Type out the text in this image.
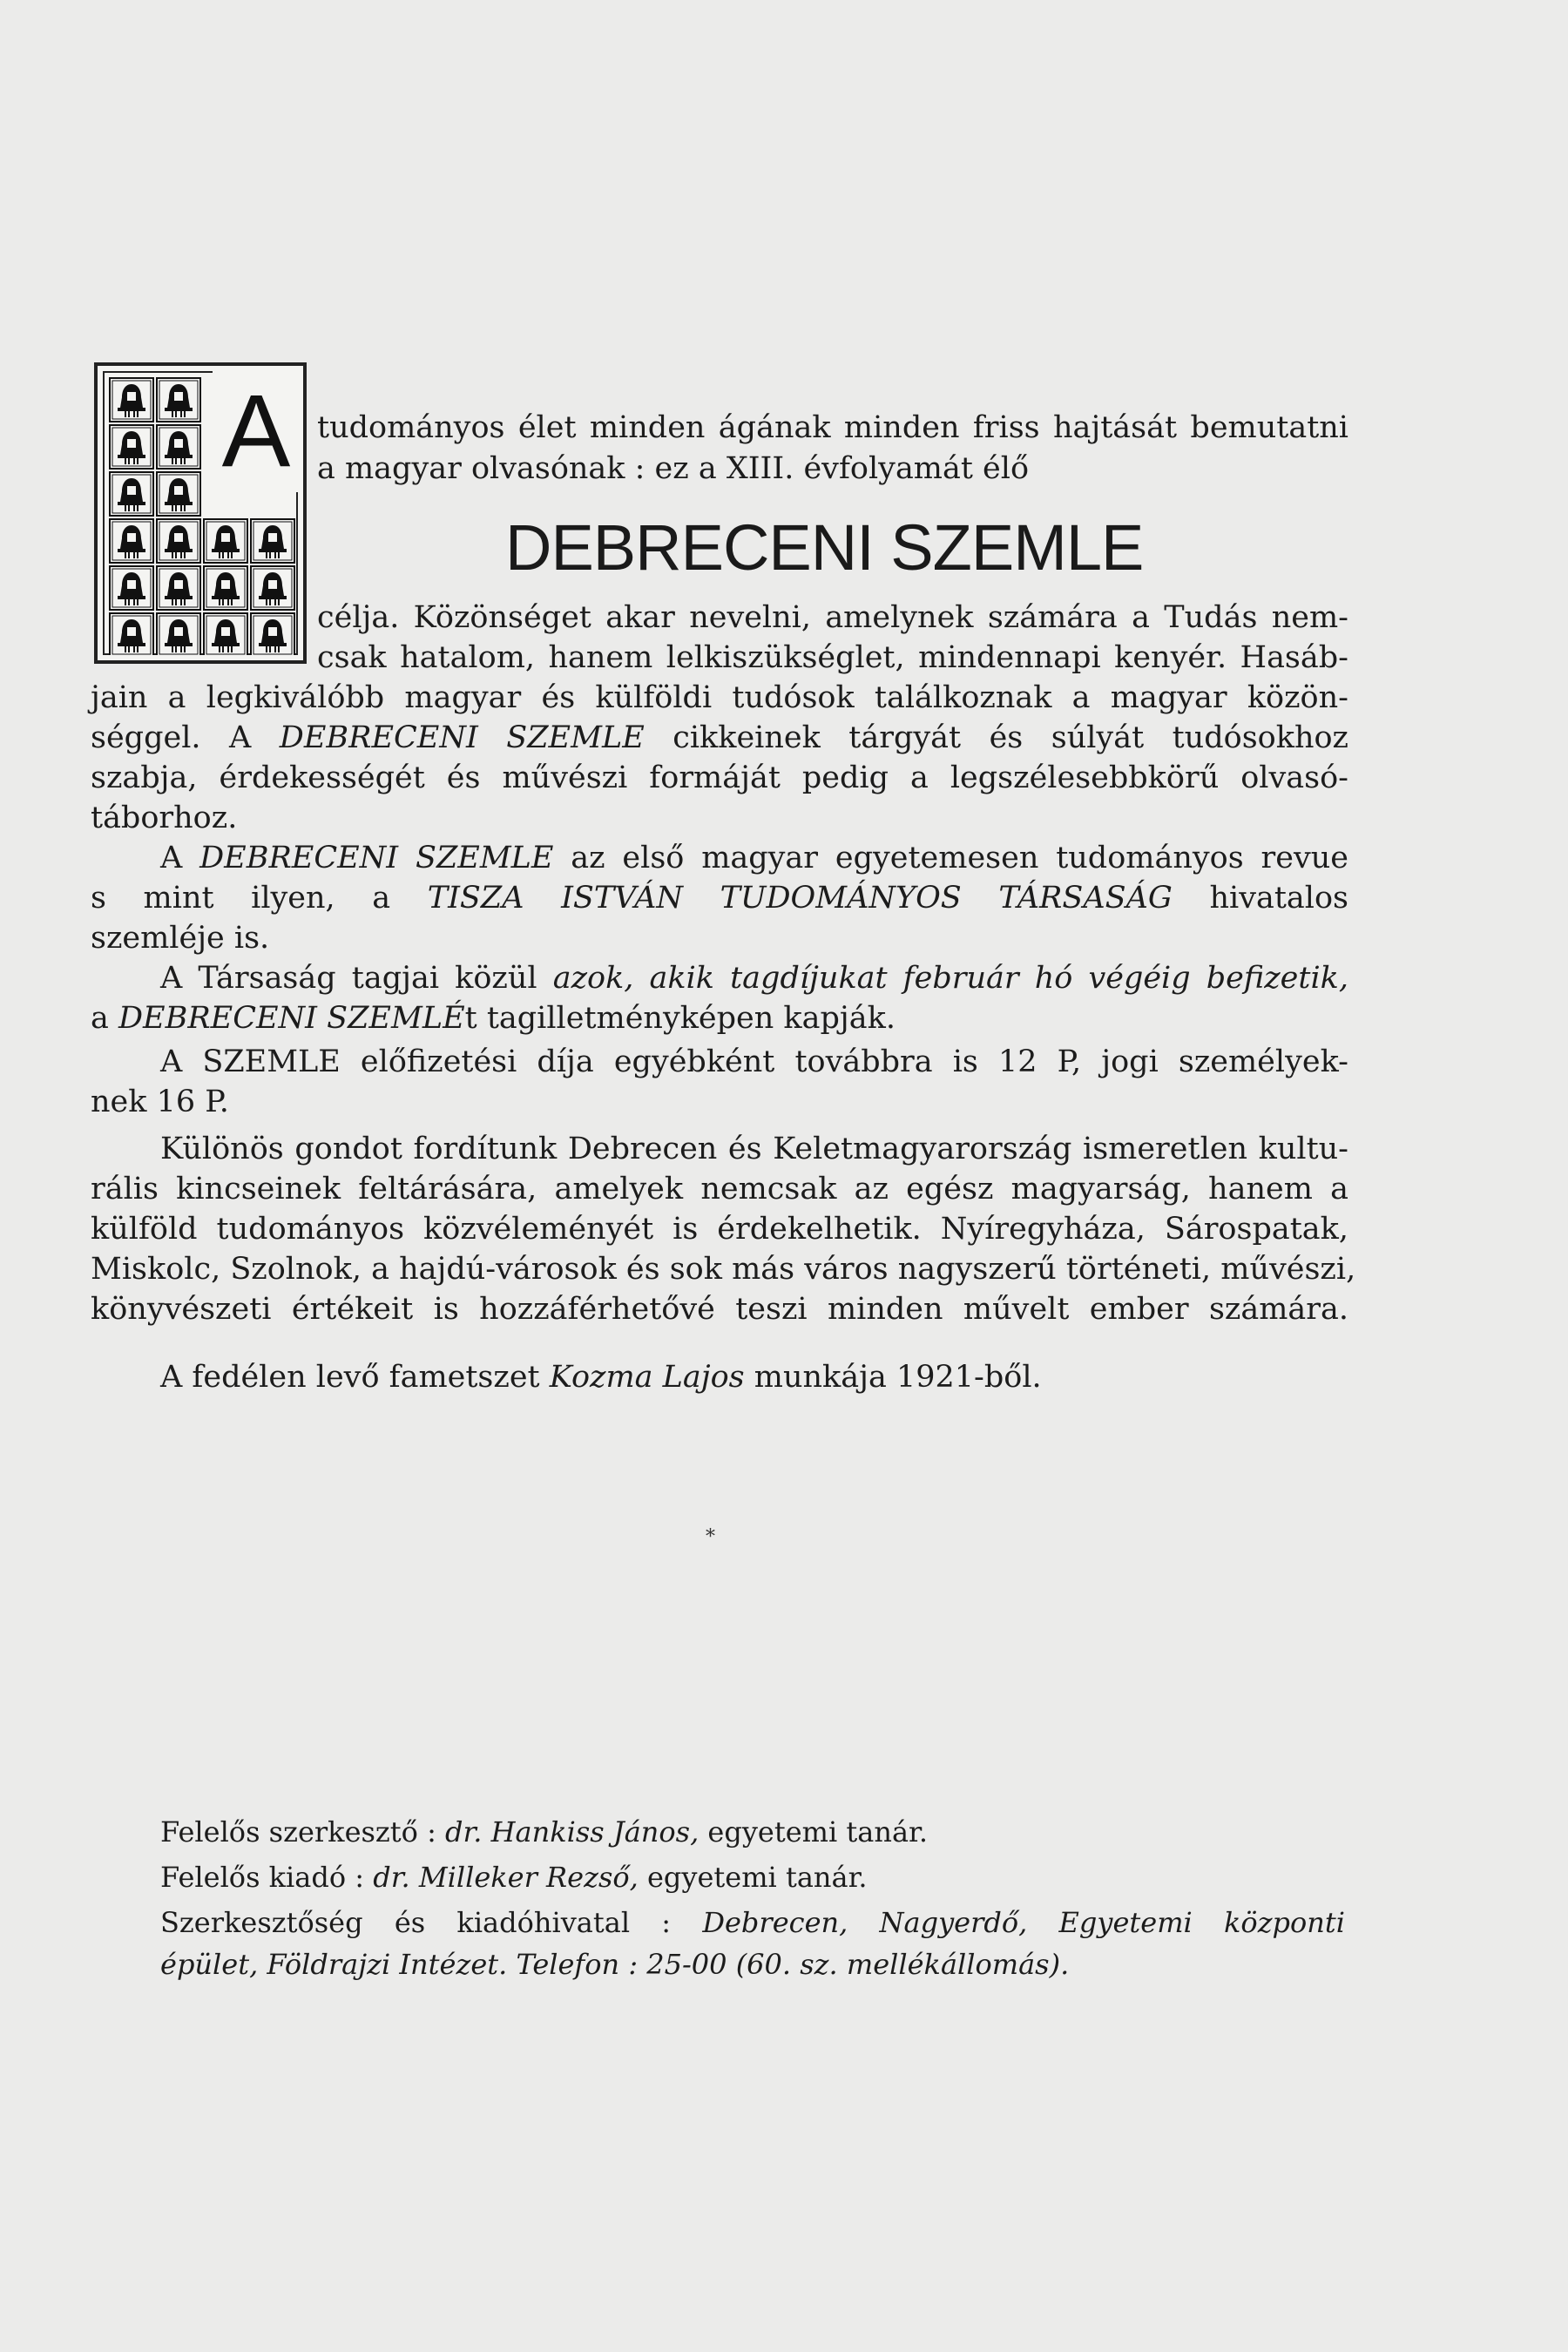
A tudományos élet minden ágának minden friss hajtását bemutatni
a magyar olvasónak : ez a XIII. évfolyamát élő
DEBRECENI SZEMLE
célja. Közönséget akar nevelni, amelynek számára a Tudás nem-
csak hatalom, hanem lelkiszükséglet, mindennapi kenyér. Hasáb-
jain a legkiválóbb magyar és külföldi tudósok találkoznak a magyar közön-
séggel. A DEBRECENI SZEMLE cikkeinek tárgyát és súlyát tudósokhoz
szabja, érdekességét és művészi formáját pedig a legszélesebbkörű olvasó-
táborhoz.
A DEBRECENI SZEMLE az első magyar egyetemesen tudományos revue
s mint ilyen, a TISZA ISTVÁN TUDOMÁNYOS TÁRSASÁG hivatalos
szemléje is.
A Társaság tagjai közül azok, akik tagdíjukat február hó végéig befizetik,
a DEBRECENI SZEMLÉt tagilletményképen kapják.
A SZEMLE előfizetési díja egyébként továbbra is 12 P, jogi személyek-
nek 16 P.
Különös gondot fordítunk Debrecen és Keletmagyarország ismeretlen kultu-
rális kincseinek feltárására, amelyek nemcsak az egész magyarság, hanem a
külföld tudományos közvéleményét is érdekelhetik. Nyíregyháza, Sárospatak,
Miskolc, Szolnok, a hajdú-városok és sok más város nagyszerű történeti, művészi,
könyvészeti értékeit is hozzáférhetővé teszi minden művelt ember számára.
A fedélen levő fametszet Kozma Lajos munkája 1921-ből.
*
Felelős szerkesztő : dr. Hankiss János, egyetemi tanár.
Felelős kiadó : dr. Milleker Rezső, egyetemi tanár.
Szerkesztőség és kiadóhivatal : Debrecen, Nagyerdő, Egyetemi központi
épület, Földrajzi Intézet. Telefon : 25-00 (60. sz. mellékállomás).
